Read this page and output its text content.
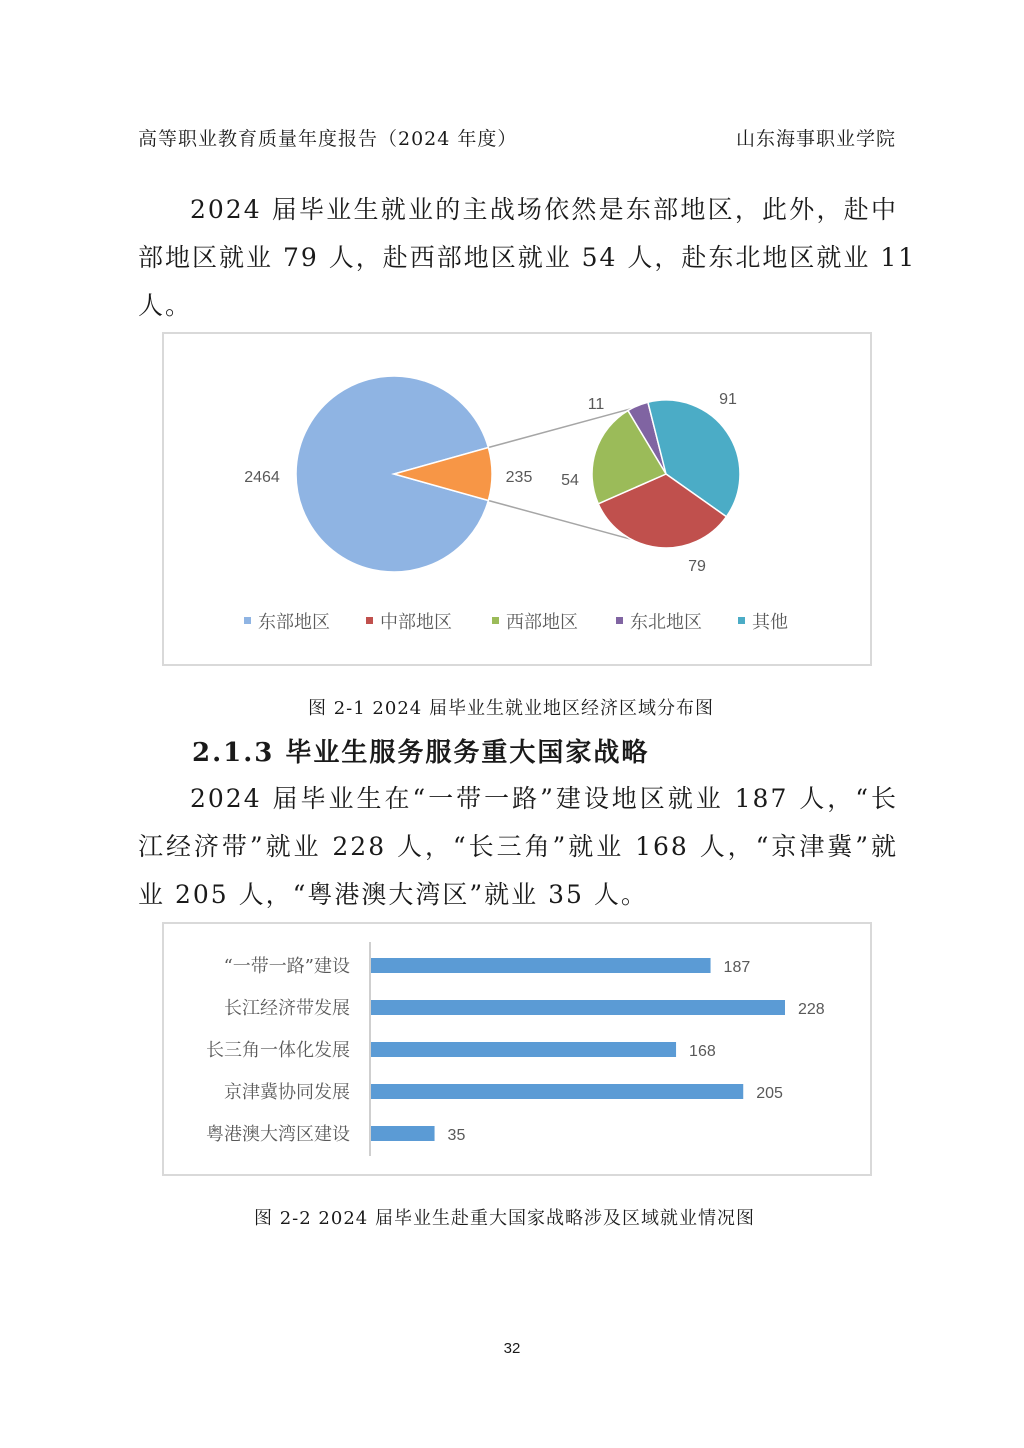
高等职业教育质量年度报告（2024 年度）	山东海事职业学院
2024 届毕业生就业的主战场依然是东部地区，此外，赴中
部地区就业 79 人，赴西部地区就业 54 人，赴东北地区就业 11
人。
2464	235
11	91
54
79
东部地区	中部地区	西部地区	东北地区	其他
图 2-1 2024 届毕业生就业地区经济区域分布图
2.1.3 毕业生服务服务重大国家战略
2024 届毕业生在“一带一路”建设地区就业 187 人，“长
江经济带”就业 228 人，“长三角”就业 168 人，“京津冀”就
业 205 人，“粤港澳大湾区”就业 35 人。
“一带一路”建设	187
长江经济带发展	228
长三角一体化发展	168
京津冀协同发展	205
粤港澳大湾区建设	35
图 2-2 2024 届毕业生赴重大国家战略涉及区域就业情况图
32
